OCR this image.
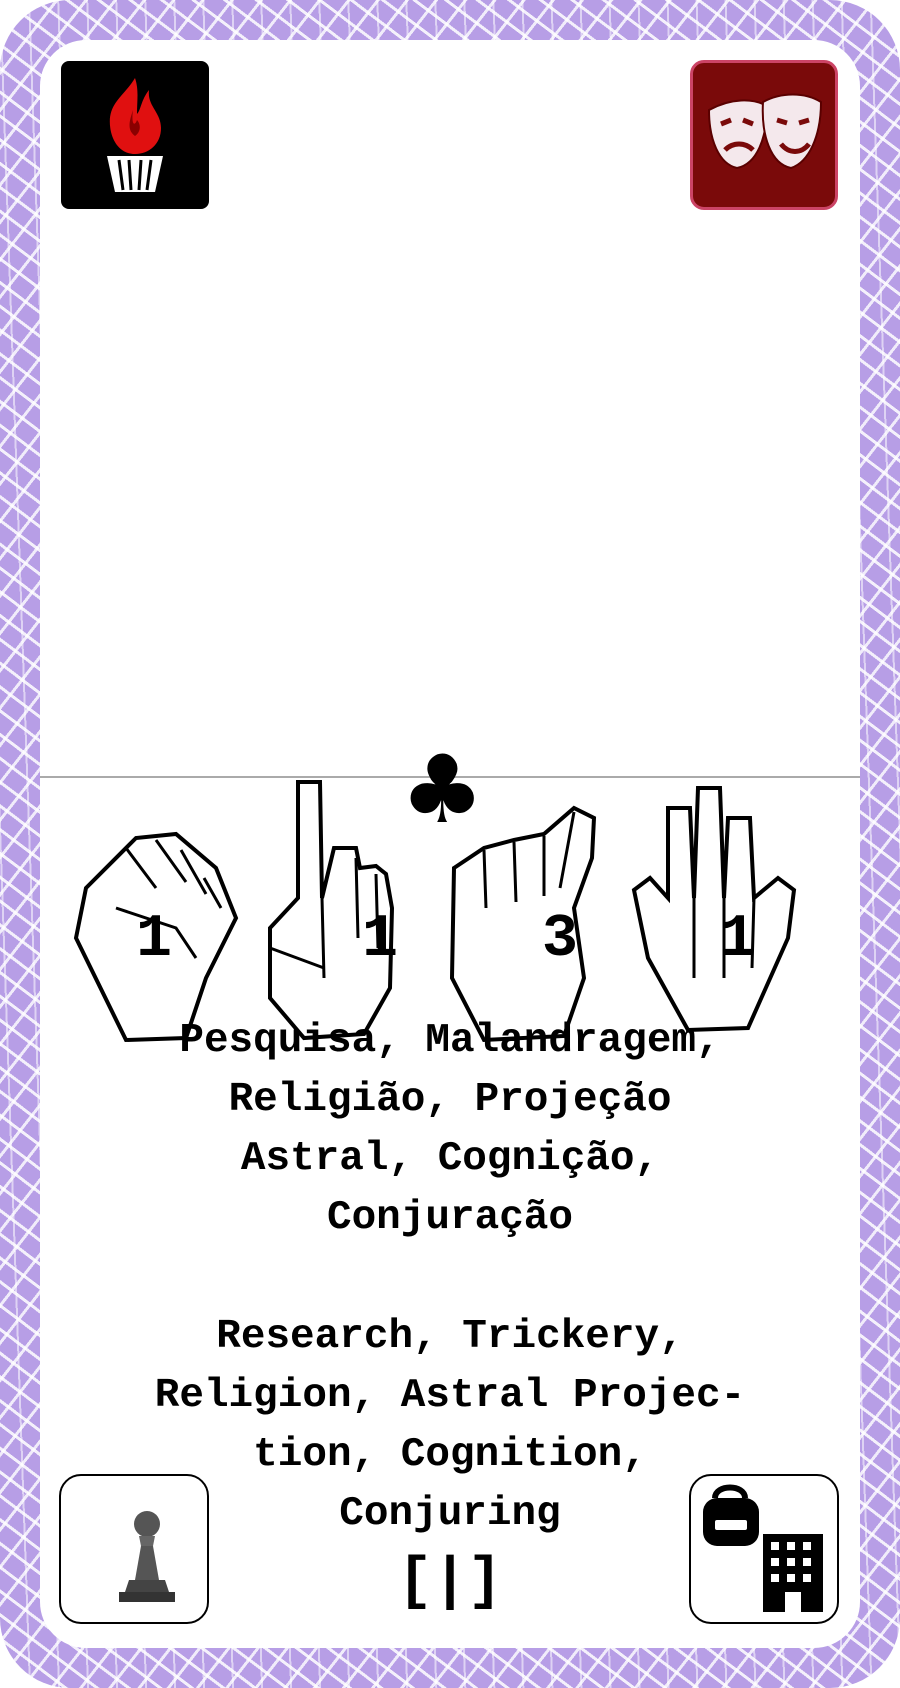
♣
1	1	3	1
Pesquisa, Malandragem,
Religião, Projeção
Astral, Cognição,
Conjuração
Research, Trickery,
Religion, Astral Projec-
tion, Cognition,
Conjuring
[|]
